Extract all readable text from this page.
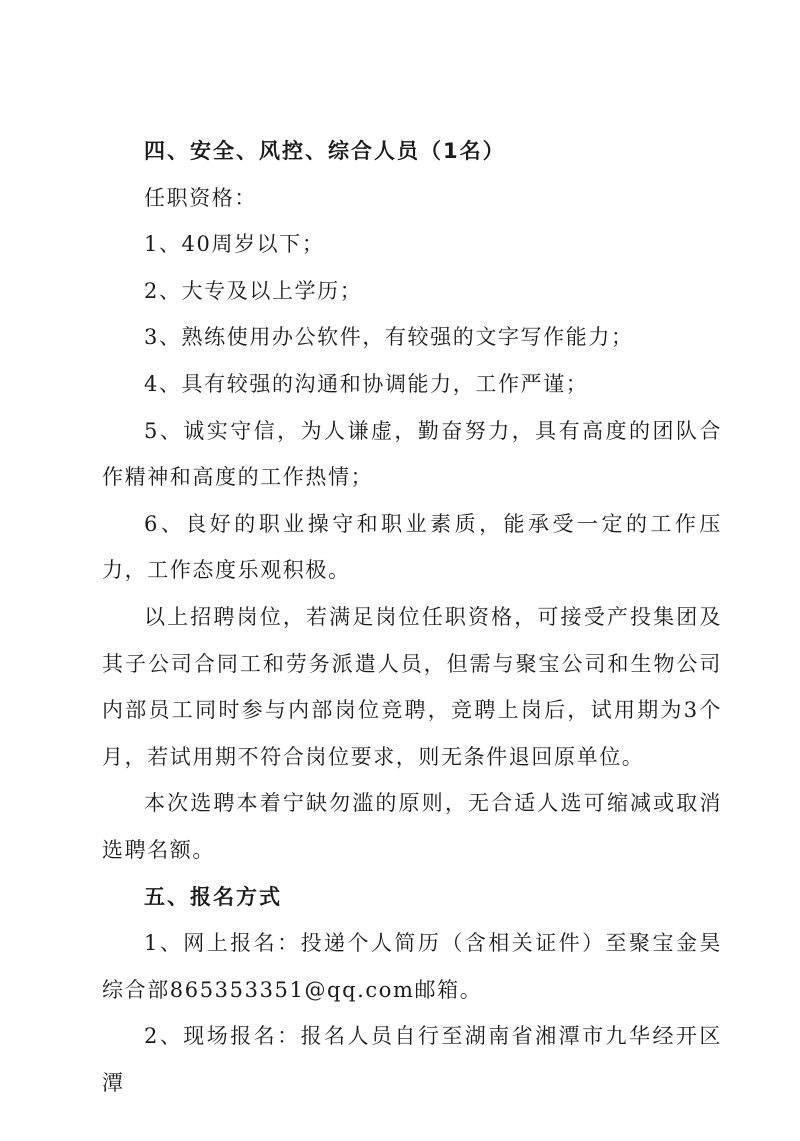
四、安全、风控、综合人员（1名）
任职资格：

1、40周岁以下；

2、大专及以上学历；

3、熟练使用办公软件，有较强的文字写作能力；

4、具有较强的沟通和协调能力，工作严谨；

5、诚实守信，为人谦虚，勤奋努力，具有高度的团队合作精神和高度的工作热情；

6、良好的职业操守和职业素质，能承受一定的工作压力，工作态度乐观积极。

以上招聘岗位，若满足岗位任职资格，可接受产投集团及其子公司合同工和劳务派遣人员，但需与聚宝公司和生物公司内部员工同时参与内部岗位竞聘，竞聘上岗后，试用期为3个月，若试用期不符合岗位要求，则无条件退回原单位。

本次选聘本着宁缺勿滥的原则，无合适人选可缩减或取消选聘名额。

五、报名方式

1、网上报名：投递个人简历（含相关证件）至聚宝金昊综合部865353351@qq.com邮箱。

2、现场报名：报名人员自行至湖南省湘潭市九华经开区潭
